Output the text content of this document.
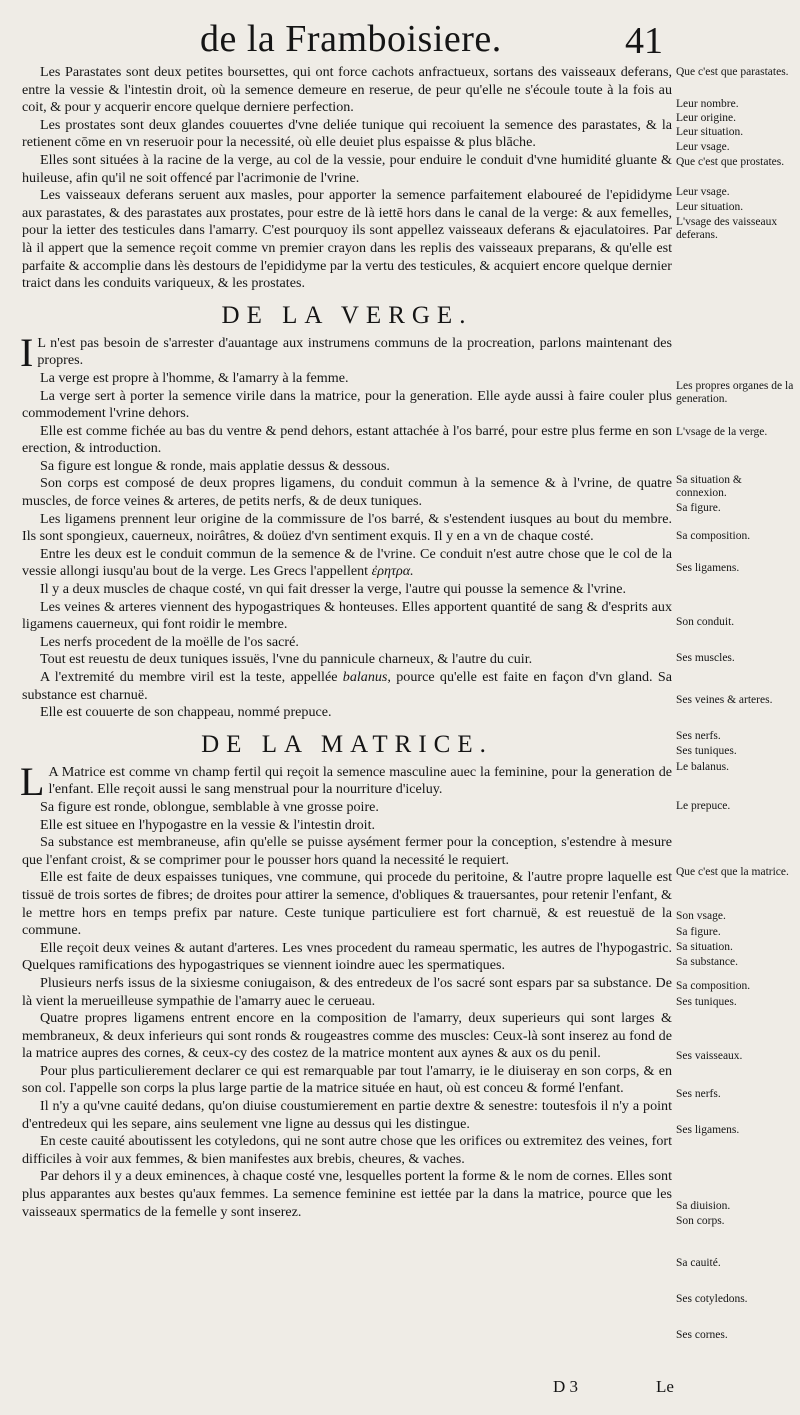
de la Framboisiere.	41

Les Parastates sont deux petites boursettes, qui ont force cachots anfractueux, sortans des vaisseaux deferans, entre la vessie & l'intestin droit, où la semence demeure en reserue, de peur qu'elle ne s'écoule toute à la fois au coit, & pour y acquerir encore quelque derniere perfection.

Les prostates sont deux glandes couuertes d'vne deliée tunique qui recoiuent la semence des parastates, & la retienent cōme en vn reseruoir pour la necessité, où elle deuiet plus espaisse & plus blāche.

Elles sont situées à la racine de la verge, au col de la vessie, pour enduire le conduit d'vne humidité gluante & huileuse, afin qu'il ne soit offencé par l'acrimonie de l'vrine.

Les vaisseaux deferans seruent aux masles, pour apporter la semence parfaitement elaboureé de l'epididyme aux parastates, & des parastates aux prostates, pour estre de là iettē hors dans le canal de la verge: & aux femelles, pour la ietter des testicules dans l'amarry. C'est pourquoy ils sont appellez vaisseaux deferans & ejaculatoires. Par là il appert que la semence reçoit comme vn premier crayon dans les replis des vaisseaux preparans, & qu'elle est parfaite & accomplie dans lès destours de l'epididyme par la vertu des testicules, & acquiert encore quelque dernier traict dans les conduits variqueux, & les prostates.

DE LA VERGE.

I L n'est pas besoin de s'arrester d'auantage aux instrumens communs de la procreation, parlons maintenant des propres.

La verge est propre à l'homme, & l'amarry à la femme.

La verge sert à porter la semence virile dans la matrice, pour la generation. Elle ayde aussi à faire couler plus commodement l'vrine dehors.

Elle est comme fichée au bas du ventre & pend dehors, estant attachée à l'os barré, pour estre plus ferme en son erection, & introduction.

Sa figure est longue & ronde, mais applatie dessus & dessous.

Son corps est composé de deux propres ligamens, du conduit commun à la semence & à l'vrine, de quatre muscles, de force veines & arteres, de petits nerfs, & de deux tuniques.

Les ligamens prennent leur origine de la commissure de l'os barré, & s'estendent iusques au bout du membre. Ils sont spongieux, cauerneux, noirâtres, & doüez d'vn sentiment exquis. Il y en a vn de chaque costé.

Entre les deux est le conduit commun de la semence & de l'vrine. Ce conduit n'est autre chose que le col de la vessie allongi iusqu'au bout de la verge. Les Grecs l'appellent ἐρητρα.

Il y a deux muscles de chaque costé, vn qui fait dresser la verge, l'autre qui pousse la semence & l'vrine.

Les veines & arteres viennent des hypogastriques & honteuses. Elles apportent quantité de sang & d'esprits aux ligamens cauerneux, qui font roidir le membre.

Les nerfs procedent de la moëlle de l'os sacré.

Tout est reuestu de deux tuniques issuës, l'vne du pannicule charneux, & l'autre du cuir.

A l'extremité du membre viril est la teste, appellée balanus, pource qu'elle est faite en façon d'vn gland. Sa substance est charnuë.

Elle est couuerte de son chappeau, nommé prepuce.

DE LA MATRICE.

L A Matrice est comme vn champ fertil qui reçoit la semence masculine auec la feminine, pour la generation de l'enfant. Elle reçoit aussi le sang menstrual pour la nourriture d'iceluy.

Sa figure est ronde, oblongue, semblable à vne grosse poire.

Elle est situee en l'hypogastre en la vessie & l'intestin droit.

Sa substance est membraneuse, afin qu'elle se puisse aysément fermer pour la conception, s'estendre à mesure que l'enfant croist, & se comprimer pour le pousser hors quand la necessité le requiert.

Elle est faite de deux espaisses tuniques, vne commune, qui procede du peritoine, & l'autre propre laquelle est tissuë de trois sortes de fibres; de droites pour attirer la semence, d'obliques & trauersantes, pour retenir l'enfant, & le mettre hors en temps prefix par nature. Ceste tunique particuliere est fort charnuë, & est reuestuë de la commune.

Elle reçoit deux veines & autant d'arteres. Les vnes procedent du rameau spermatic, les autres de l'hypogastric. Quelques ramifications des hypogastriques se viennent ioindre auec les spermatiques.

Plusieurs nerfs issus de la sixiesme coniugaison, & des entredeux de l'os sacré sont espars par sa substance. De là vient la merueilleuse sympathie de l'amarry auec le cerueau.

Quatre propres ligamens entrent encore en la composition de l'amarry, deux superieurs qui sont larges & membraneux, & deux inferieurs qui sont ronds & rougeastres comme des muscles: Ceux-là sont inserez au fond de la matrice aupres des cornes, & ceux-cy des costez de la matrice montent aux aynes & aux os du penil.

Pour plus particulierement declarer ce qui est remarquable par tout l'amarry, ie le diuiseray en son corps, & en son col. I'appelle son corps la plus large partie de la matrice située en haut, où est conceu & formé l'enfant.

Il n'y a qu'vne cauité dedans, qu'on diuise coustumierement en partie dextre & senestre: toutesfois il n'y a point d'entredeux qui les separe, ains seulement vne ligne au dessus qui les distingue.

En ceste cauité aboutissent les cotyledons, qui ne sont autre chose que les orifices ou extremitez des veines, fort difficiles à voir aux femmes, & bien manifestes aux brebis, cheures, & vaches.

Par dehors il y a deux eminences, à chaque costé vne, lesquelles portent la forme & le nom de cornes. Elles sont plus apparantes aux bestes qu'aux femmes. La semence feminine est iettée par la dans la matrice, pource que les vaisseaux spermatics de la femelle y sont inserez.

Que c'est que parastates.

Leur nombre.

Leur origine.

Leur situation.

Leur vsage.

Que c'est que prostates.

Leur vsage.

Leur situation.

L'vsage des vaisseaux deferans.

Les propres organes de la generation.

L'vsage de la verge.

Sa situation & connexion.

Sa figure.

Sa composition.

Ses ligamens.

Son conduit.

Ses muscles.

Ses veines & arteres.

Ses nerfs.

Ses tuniques.

Le balanus.

Le prepuce.

Que c'est que la matrice.

Son vsage.

Sa figure.

Sa situation.

Sa substance.

Sa composition.

Ses tuniques.

Ses vaisseaux.

Ses nerfs.

Ses ligamens.

Sa diuision.

Son corps.

Sa cauité.

Ses cotyledons.

Ses cornes.

D 3	Le
